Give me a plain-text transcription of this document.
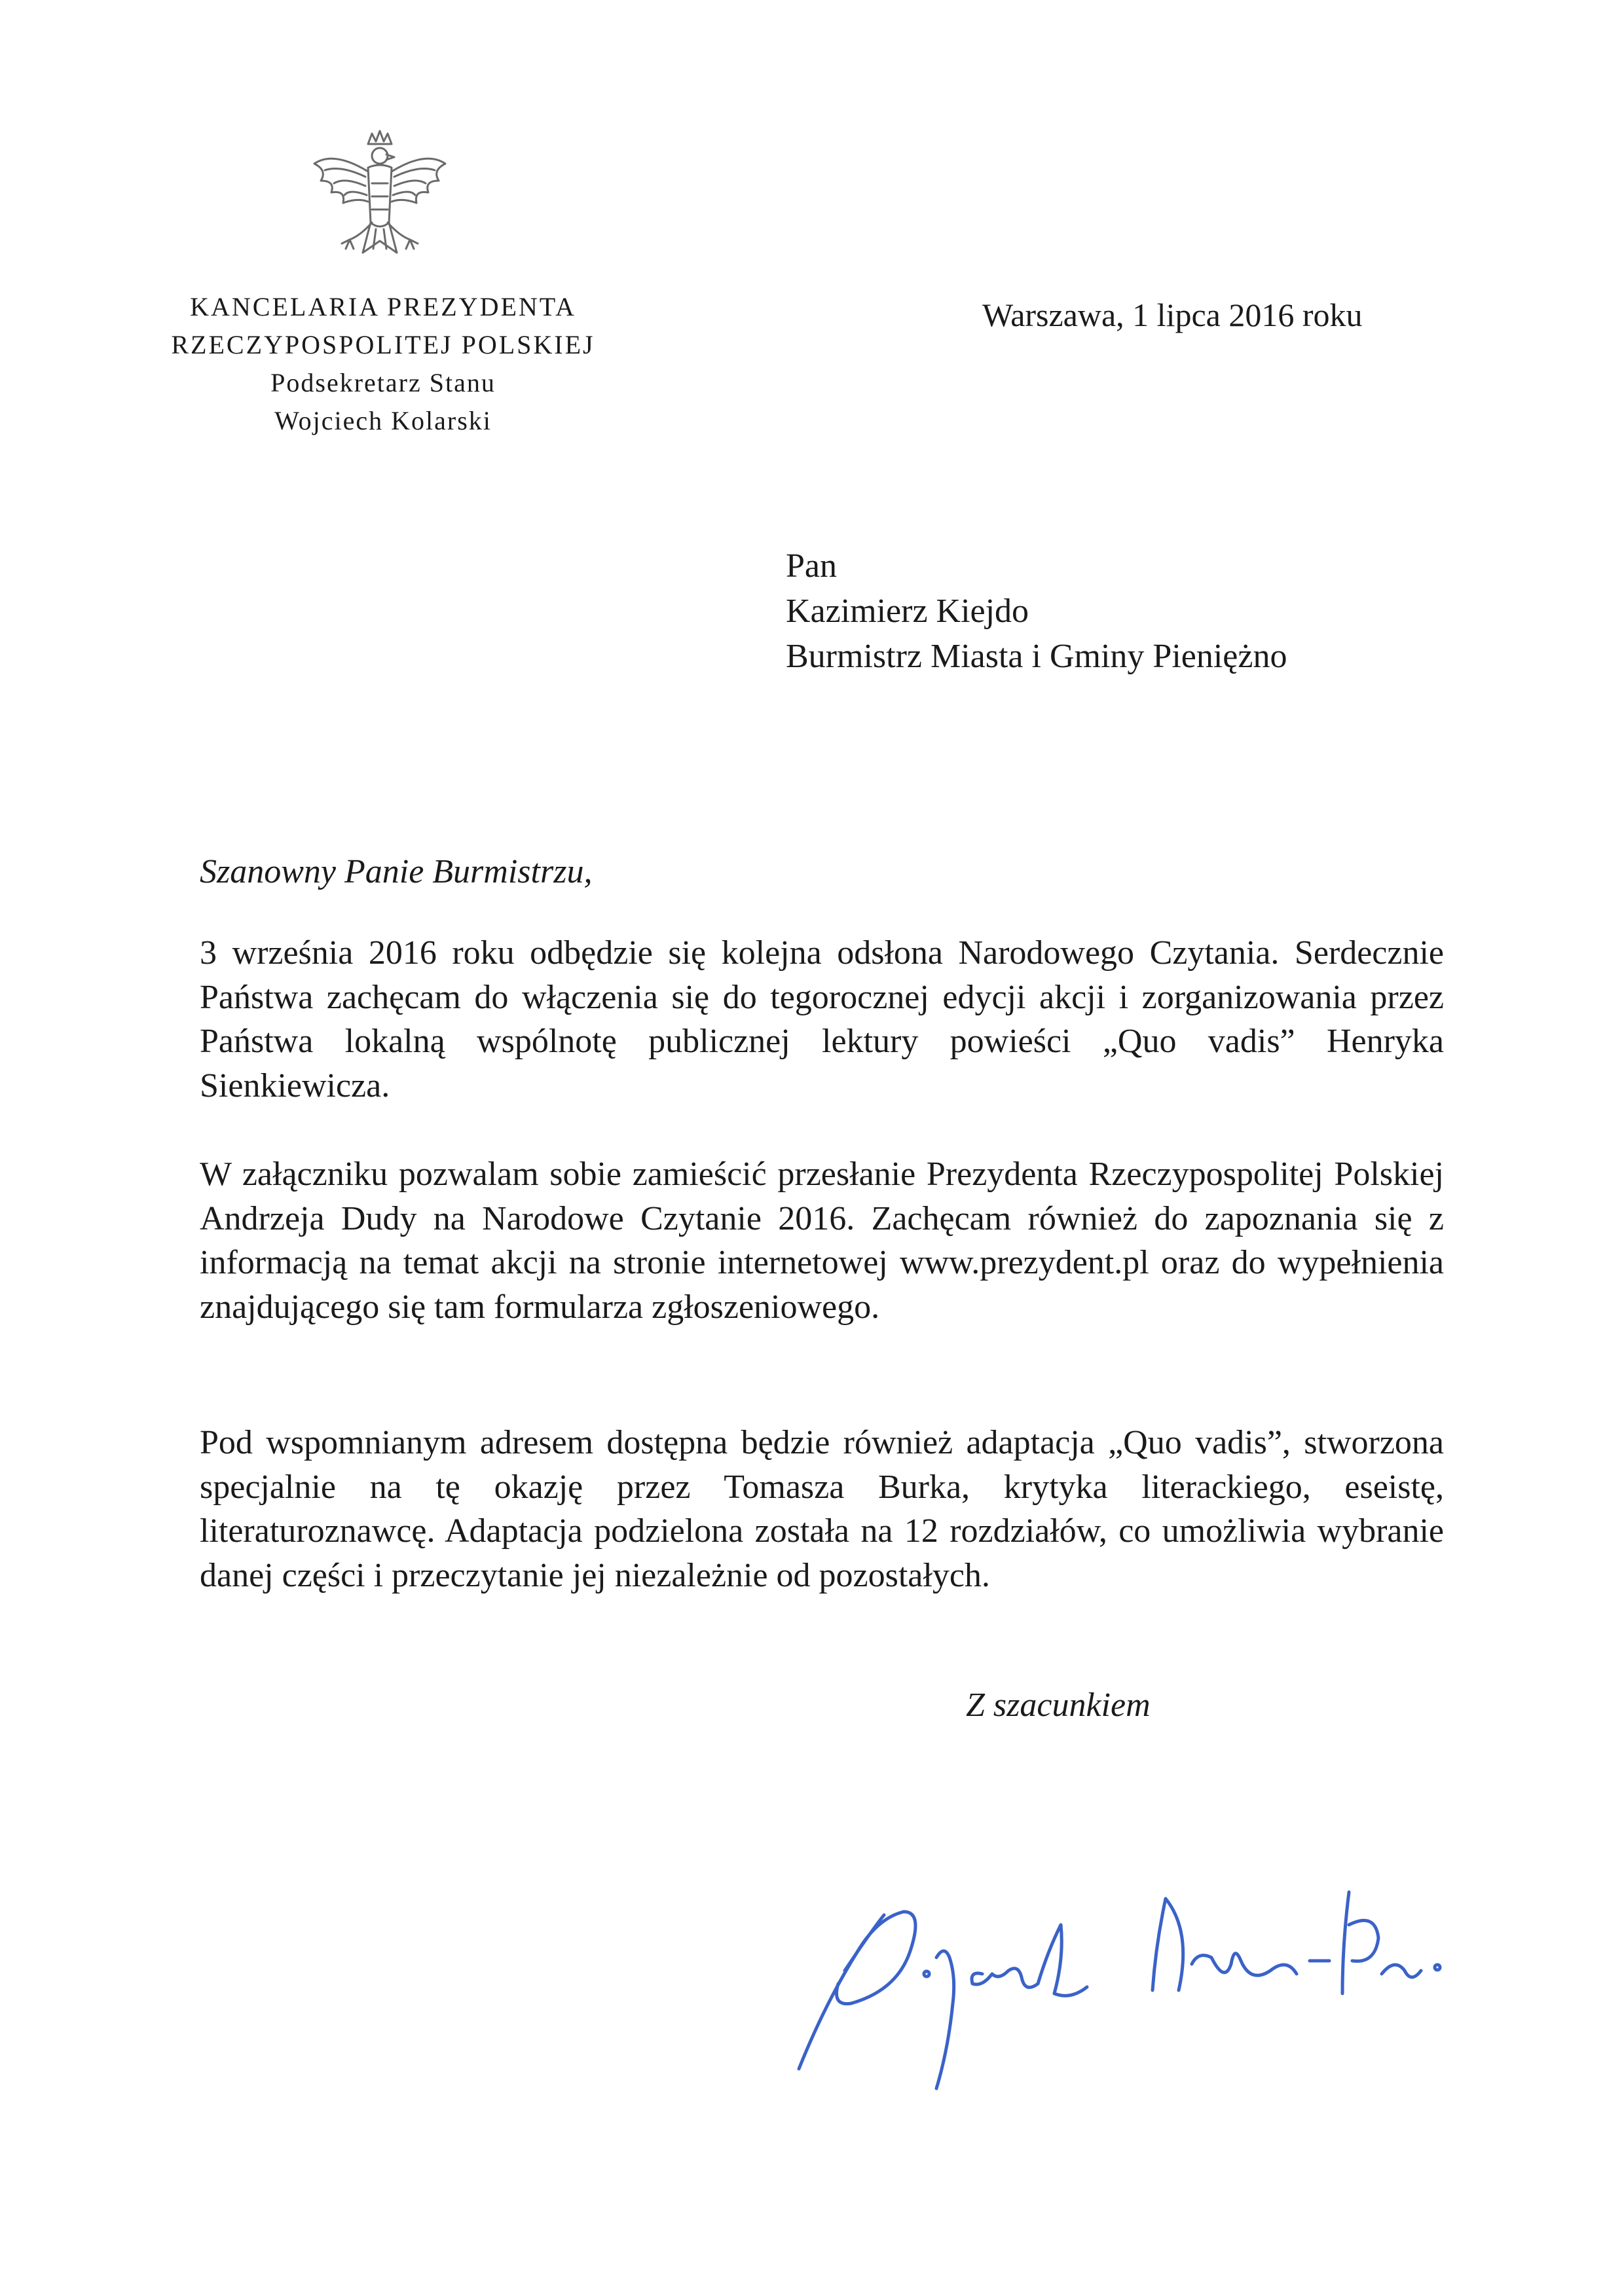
KANCELARIA PREZYDENTA
RZECZYPOSPOLITEJ POLSKIEJ
Podsekretarz Stanu
Wojciech Kolarski
Warszawa, 1 lipca 2016 roku
Pan
Kazimierz Kiejdo
Burmistrz Miasta i Gminy Pieniężno
Szanowny Panie Burmistrzu,
3 września 2016 roku odbędzie się kolejna odsłona Narodowego Czytania. Serdecznie Państwa zachęcam do włączenia się do tegorocznej edycji akcji i zorganizowania przez Państwa lokalną wspólnotę publicznej lektury powieści „Quo vadis” Henryka Sienkiewicza.
W załączniku pozwalam sobie zamieścić przesłanie Prezydenta Rzeczypospolitej Polskiej Andrzeja Dudy na Narodowe Czytanie 2016. Zachęcam również do zapoznania się z informacją na temat akcji na stronie internetowej www.prezydent.pl oraz do wypełnienia znajdującego się tam formularza zgłoszeniowego.
Pod wspomnianym adresem dostępna będzie również adaptacja „Quo vadis”, stworzona specjalnie na tę okazję przez Tomasza Burka, krytyka literackiego, eseistę, literaturoznawcę. Adaptacja podzielona została na 12 rozdziałów, co umożliwia wybranie danej części i przeczytanie jej niezależnie od pozostałych.
Z szacunkiem
